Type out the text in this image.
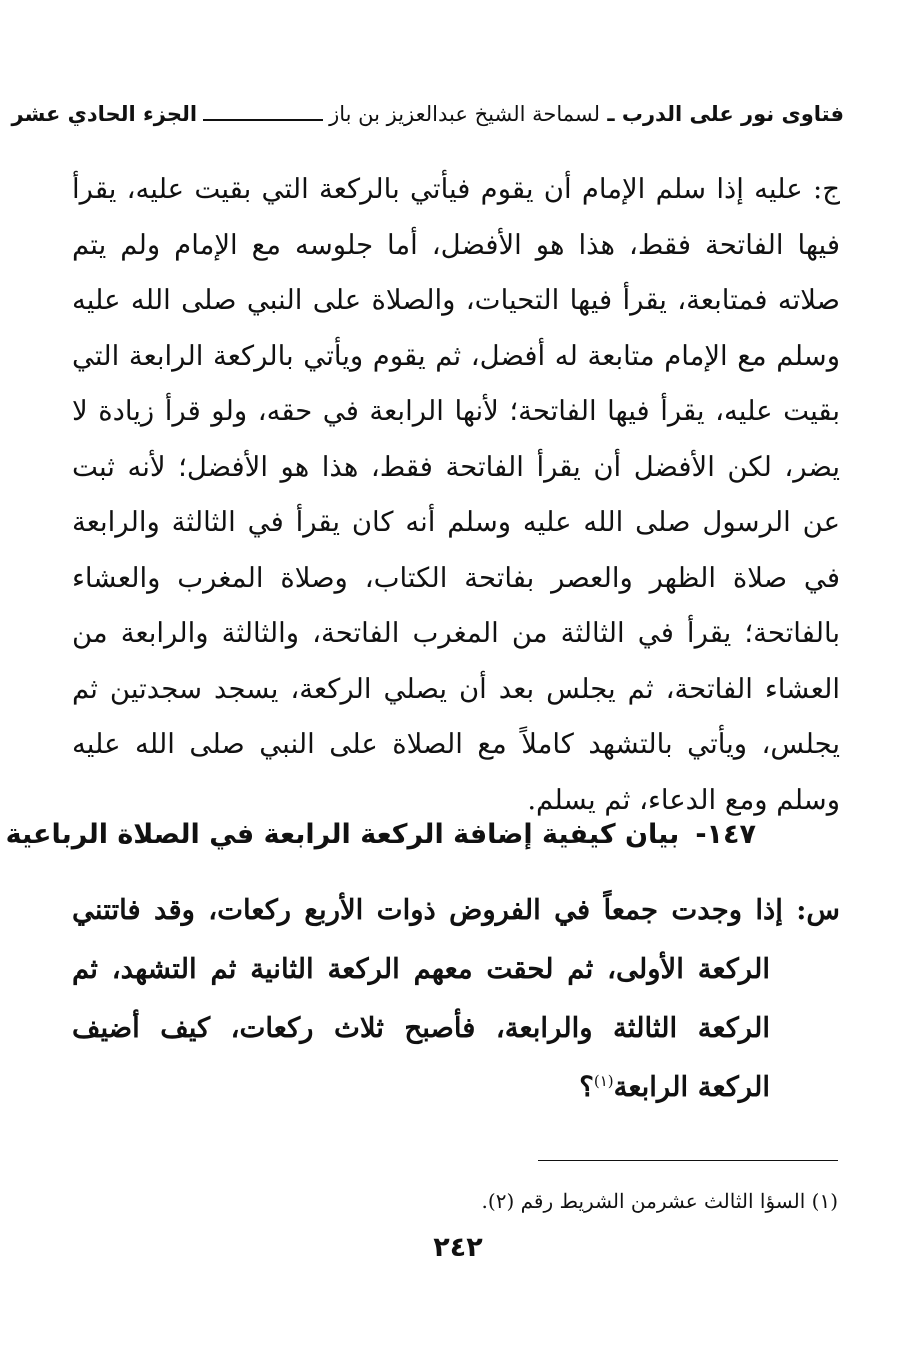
فتاوى نور على الدرب
ـ
لسماحة الشيخ عبدالعزيز بن باز
الجزء الحادي عشر
ج: عليه إذا سلم الإمام أن يقوم فيأتي بالركعة التي بقيت عليه، يقرأ فيها الفاتحة فقط، هذا هو الأفضل، أما جلوسه مع الإمام ولم يتم صلاته فمتابعة، يقرأ فيها التحيات، والصلاة على النبي صلى الله عليه وسلم مع الإمام متابعة له أفضل، ثم يقوم ويأتي بالركعة الرابعة التي بقيت عليه، يقرأ فيها الفاتحة؛ لأنها الرابعة في حقه، ولو قرأ زيادة لا يضر، لكن الأفضل أن يقرأ الفاتحة فقط، هذا هو الأفضل؛ لأنه ثبت عن الرسول صلى الله عليه وسلم أنه كان يقرأ في الثالثة والرابعة في صلاة الظهر والعصر بفاتحة الكتاب، وصلاة المغرب والعشاء بالفاتحة؛ يقرأ في الثالثة من المغرب الفاتحة، والثالثة والرابعة من العشاء الفاتحة، ثم يجلس بعد أن يصلي الركعة، يسجد سجدتين ثم يجلس، ويأتي بالتشهد كاملاً مع الصلاة على النبي صلى الله عليه وسلم ومع الدعاء، ثم يسلم.
١٤٧-بيان كيفية إضافة الركعة الرابعة في الصلاة الرباعية
س: إذا وجدت جمعاً في الفروض ذوات الأربع ركعات، وقد فاتتني الركعة الأولى، ثم لحقت معهم الركعة الثانية ثم التشهد، ثم الركعة الثالثة والرابعة، فأصبح ثلاث ركعات، كيف أضيف الركعة الرابعة$^{(١)}$؟
(١) السؤا الثالث عشرمن الشريط رقم (٢).
٢٤٢
